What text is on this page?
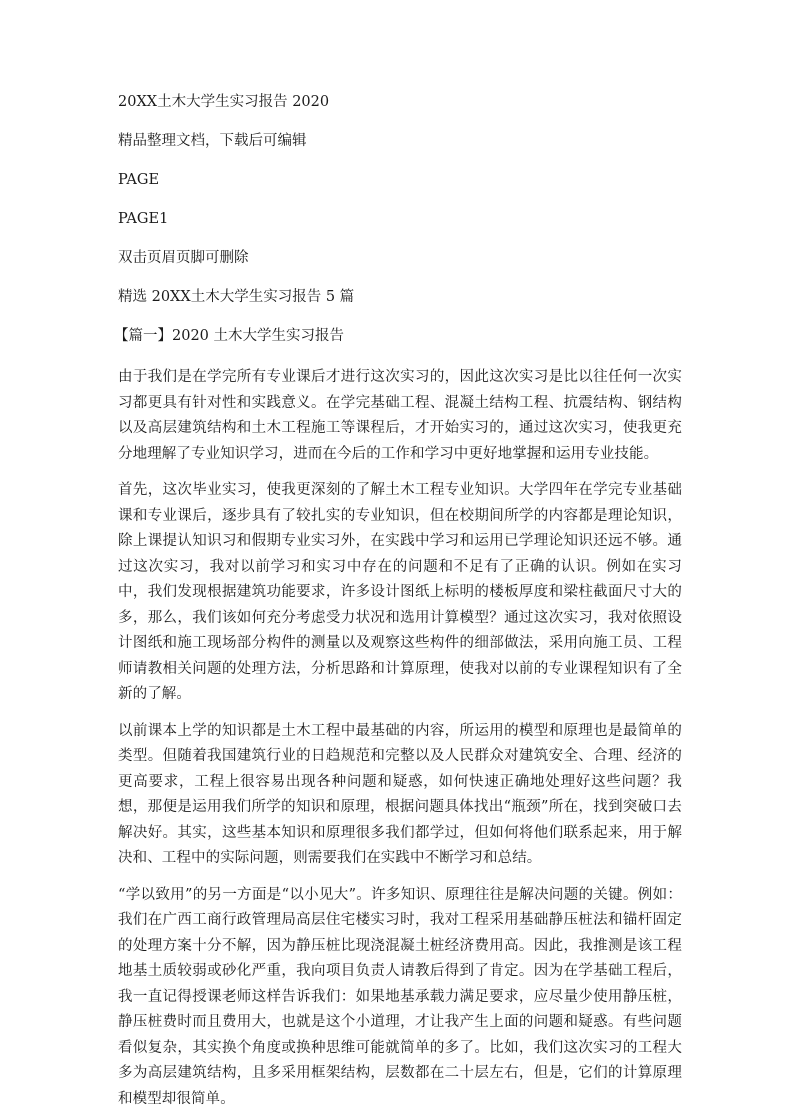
20XX土木大学生实习报告 2020
精品整理文档，下载后可编辑
PAGE
PAGE1
双击页眉页脚可删除
精选 20XX土木大学生实习报告 5 篇
【篇一】2020 土木大学生实习报告

由于我们是在学完所有专业课后才进行这次实习的，因此这次实习是比以往任何一次实习都更具有针对性和实践意义。在学完基础工程、混凝土结构工程、抗震结构、钢结构以及高层建筑结构和土木工程施工等课程后，才开始实习的，通过这次实习，使我更充分地理解了专业知识学习，进而在今后的工作和学习中更好地掌握和运用专业技能。

首先，这次毕业实习，使我更深刻的了解土木工程专业知识。大学四年在学完专业基础课和专业课后，逐步具有了较扎实的专业知识，但在校期间所学的内容都是理论知识，除上课提认知识习和假期专业实习外，在实践中学习和运用已学理论知识还远不够。通过这次实习，我对以前学习和实习中存在的问题和不足有了正确的认识。例如在实习中，我们发现根据建筑功能要求，许多设计图纸上标明的楼板厚度和梁柱截面尺寸大的多，那么，我们该如何充分考虑受力状况和选用计算模型？通过这次实习，我对依照设计图纸和施工现场部分构件的测量以及观察这些构件的细部做法，采用向施工员、工程师请教相关问题的处理方法，分析思路和计算原理，使我对以前的专业课程知识有了全新的了解。

以前课本上学的知识都是土木工程中最基础的内容，所运用的模型和原理也是最简单的类型。但随着我国建筑行业的日趋规范和完整以及人民群众对建筑安全、合理、经济的更高要求，工程上很容易出现各种问题和疑惑，如何快速正确地处理好这些问题？我想，那便是运用我们所学的知识和原理，根据问题具体找出“瓶颈”所在，找到突破口去解决好。其实，这些基本知识和原理很多我们都学过，但如何将他们联系起来，用于解决和、工程中的实际问题，则需要我们在实践中不断学习和总结。

“学以致用”的另一方面是“以小见大”。许多知识、原理往往是解决问题的关键。例如：我们在广西工商行政管理局高层住宅楼实习时，我对工程采用基础静压桩法和锚杆固定的处理方案十分不解，因为静压桩比现浇混凝土桩经济费用高。因此，我推测是该工程地基土质较弱或砂化严重，我向项目负责人请教后得到了肯定。因为在学基础工程后，我一直记得授课老师这样告诉我们：如果地基承载力满足要求，应尽量少使用静压桩，静压桩费时而且费用大，也就是这个小道理，才让我产生上面的问题和疑惑。有些问题看似复杂，其实换个角度或换种思维可能就简单的多了。比如，我们这次实习的工程大多为高层建筑结构，且多采用框架结构，层数都在二十层左右，但是，它们的计算原理和模型却很简单。
